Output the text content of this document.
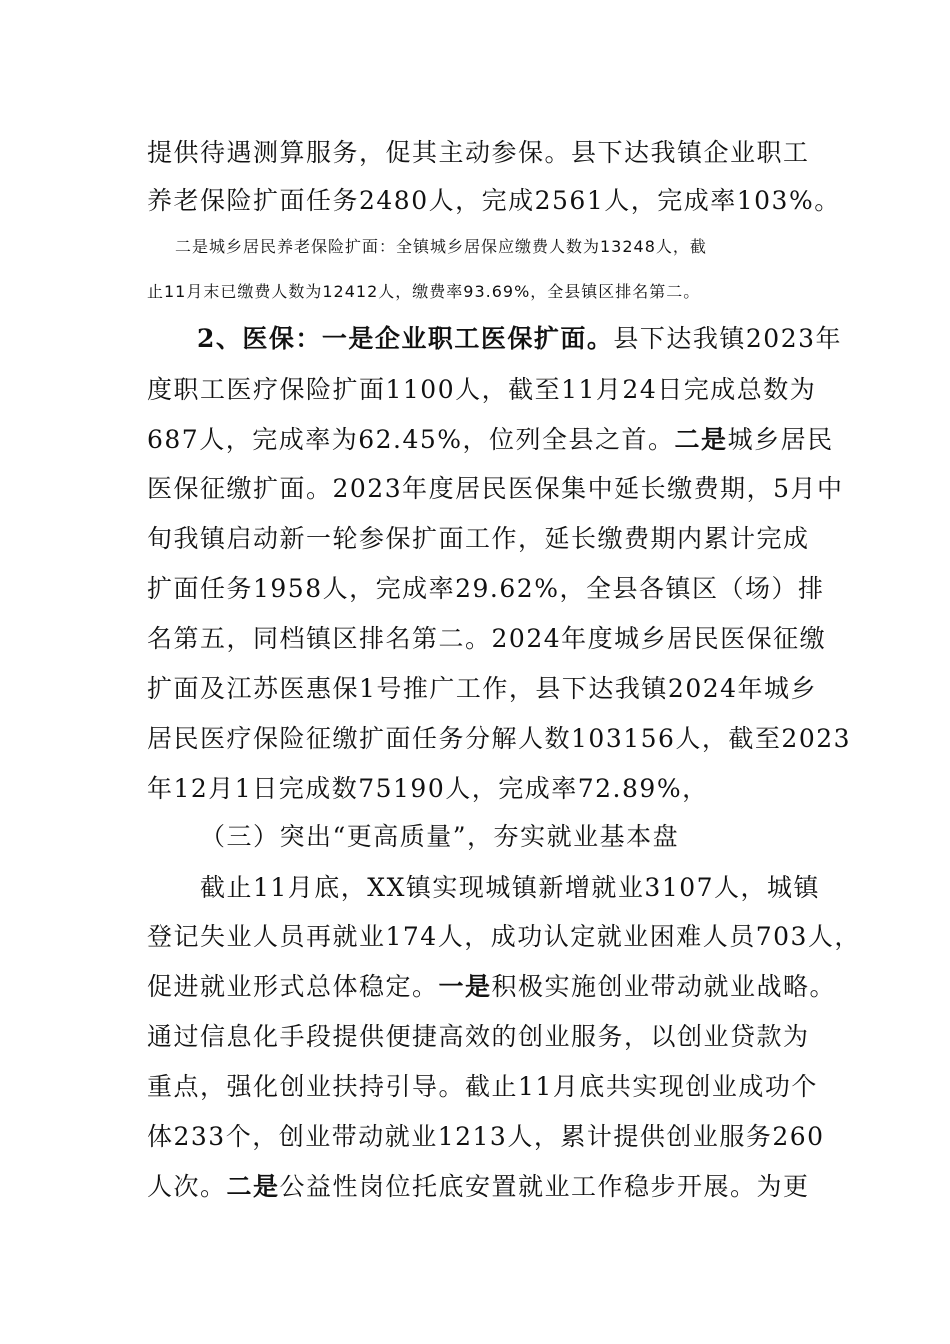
提供待遇测算服务，促其主动参保。县下达我镇企业职工
养老保险扩面任务2480人，完成2561人，完成率103%。
二是城乡居民养老保险扩面：全镇城乡居保应缴费人数为13248人，截
止11月末已缴费人数为12412人，缴费率93.69%，全县镇区排名第二。
2、医保：一是企业职工医保扩面。县下达我镇2023年
度职工医疗保险扩面1100人，截至11月24日完成总数为
687人，完成率为62.45%，位列全县之首。二是城乡居民
医保征缴扩面。2023年度居民医保集中延长缴费期，5月中
旬我镇启动新一轮参保扩面工作，延长缴费期内累计完成
扩面任务1958人，完成率29.62%，全县各镇区（场）排
名第五，同档镇区排名第二。2024年度城乡居民医保征缴
扩面及江苏医惠保1号推广工作，县下达我镇2024年城乡
居民医疗保险征缴扩面任务分解人数103156人，截至2023
年12月1日完成数75190人，完成率72.89%，
（三）突出“更高质量”，夯实就业基本盘
截止11月底，XX镇实现城镇新增就业3107人，城镇
登记失业人员再就业174人，成功认定就业困难人员703人，
促进就业形式总体稳定。一是积极实施创业带动就业战略。
通过信息化手段提供便捷高效的创业服务，以创业贷款为
重点，强化创业扶持引导。截止11月底共实现创业成功个
体233个，创业带动就业1213人，累计提供创业服务260
人次。二是公益性岗位托底安置就业工作稳步开展。为更
